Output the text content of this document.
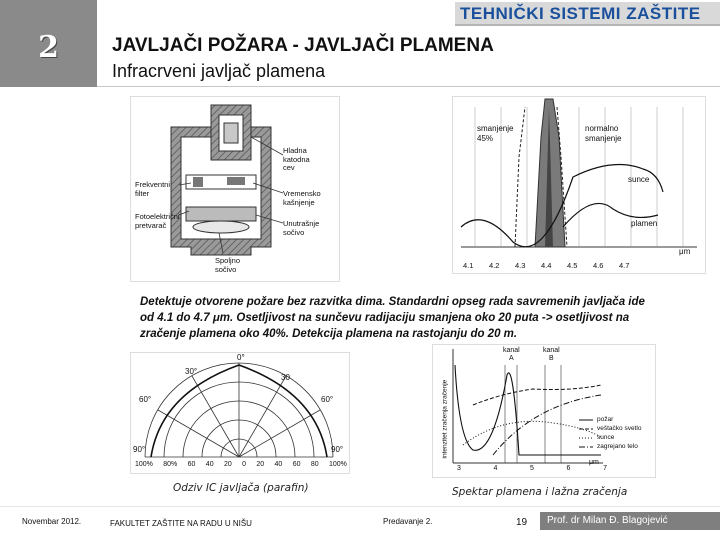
2
TEHNIČKI SISTEMI ZAŠTITE
JAVLJAČI POŽARA - JAVLJAČI PLAMENA
Infracrveni javljač plamena
Hladna
katodna
cev
Frekventni
filter	Vremensko
kašnjenje
Fotoelektrični
pretvarač	Unutrašnje
sočivo
Spoljno
sočivo
smanjenje
45%
normalno
smanjenje
sunce
plamen
μm
4.1	4.2	4.3	4.4	4.5	4.6	4.7
Detektuje otvorene požare bez razvitka dima. Standardni opseg rada savremenih javljača ide od 4.1 do 4.7 μm. Osetljivost na sunčevu radijaciju smanjena oko 20 puta -> osetljivost na zračenje plamena oko 40%. Detekcija plamena na rastojanju do 20 m.
0°
30°
30
60°	60°
90°	90°
100% 80% 60 40 20 0 20 40 60 80 100%
intenzitet zračenja zračenje
kanal
A
kanal
B
požar
veštačko svetlo
sunce
zagrejano telo
3	4	5	6	7
μm
Odziv IC javljača (parafin)	Spektar plamena i lažna zračenja
Novembar 2012.	FAKULTET ZAŠTITE NA RADU U NIŠU	Predavanje 2.	19 Prof. dr Milan Đ. Blagojević
